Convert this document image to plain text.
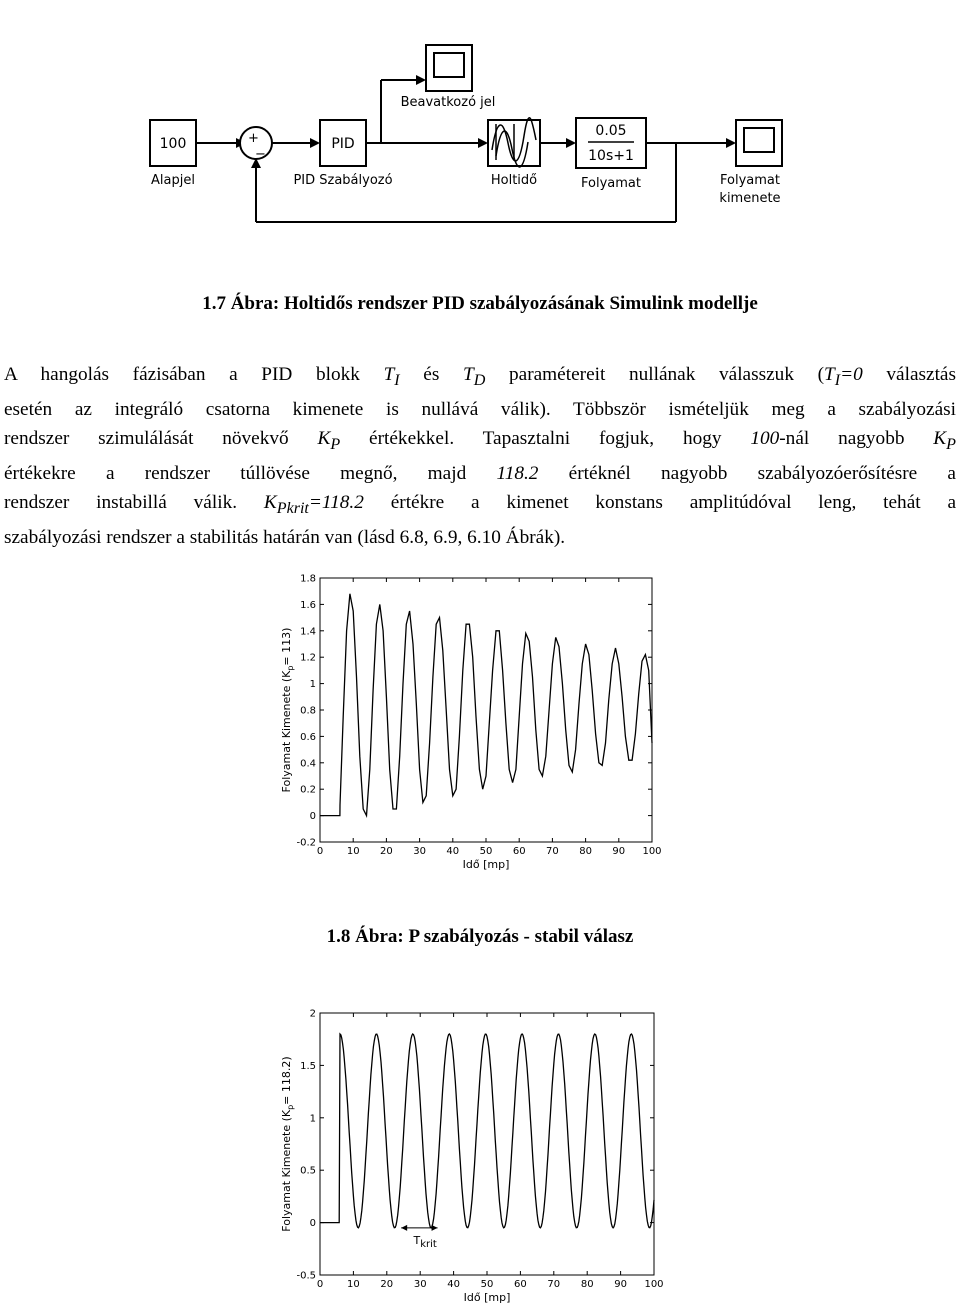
100
Alapjel
+
−
PID
PID Szabályozó
Beavatkozó jel
Holtidő
0.05
10s+1
Folyamat	Folyamat
kimenete
1.7 Ábra: Holtidős rendszer PID szabályozásának Simulink modellje
A hangolás fázisában a PID blokk $T_I$ és $T_D$ paramétereit nullának válasszuk ($T_I=0$ választás
esetén az integráló csatorna kimenete is nullává válik). Többször ismételjük meg a szabályozási
rendszer szimulálását növekvő $K_P$ értékekkel. Tapasztalni fogjuk, hogy 100-nál nagyobb $K_P$
értékekre a rendszer túllövése megnő, majd 118.2 értéknél nagyobb szabályozóerősítésre a
rendszer instabillá válik. $K_{Pkrit}=118.2$ értékre a kimenet konstans amplitúdóval leng, tehát a
szabályozási rendszer a stabilitás határán van (lásd 6.8, 6.9, 6.10 Ábrák).
0 10 20 30 40 50 60 70 80 90 100
-0.2
0
0.2
0.4
0.6
0.8
1
1.2
1.4
1.6
1.8
Idő [mp]
Folyamat Kimenete $(K_p= 113)$
1.8 Ábra: P szabályozás - stabil válasz
0 10 20 30 40 50 60 70 80 90 100
-0.5
0
0.5
1
1.5
2
Idő [mp]
Folyamat Kimenete $(K_p= 118.2)$
Tkrit
